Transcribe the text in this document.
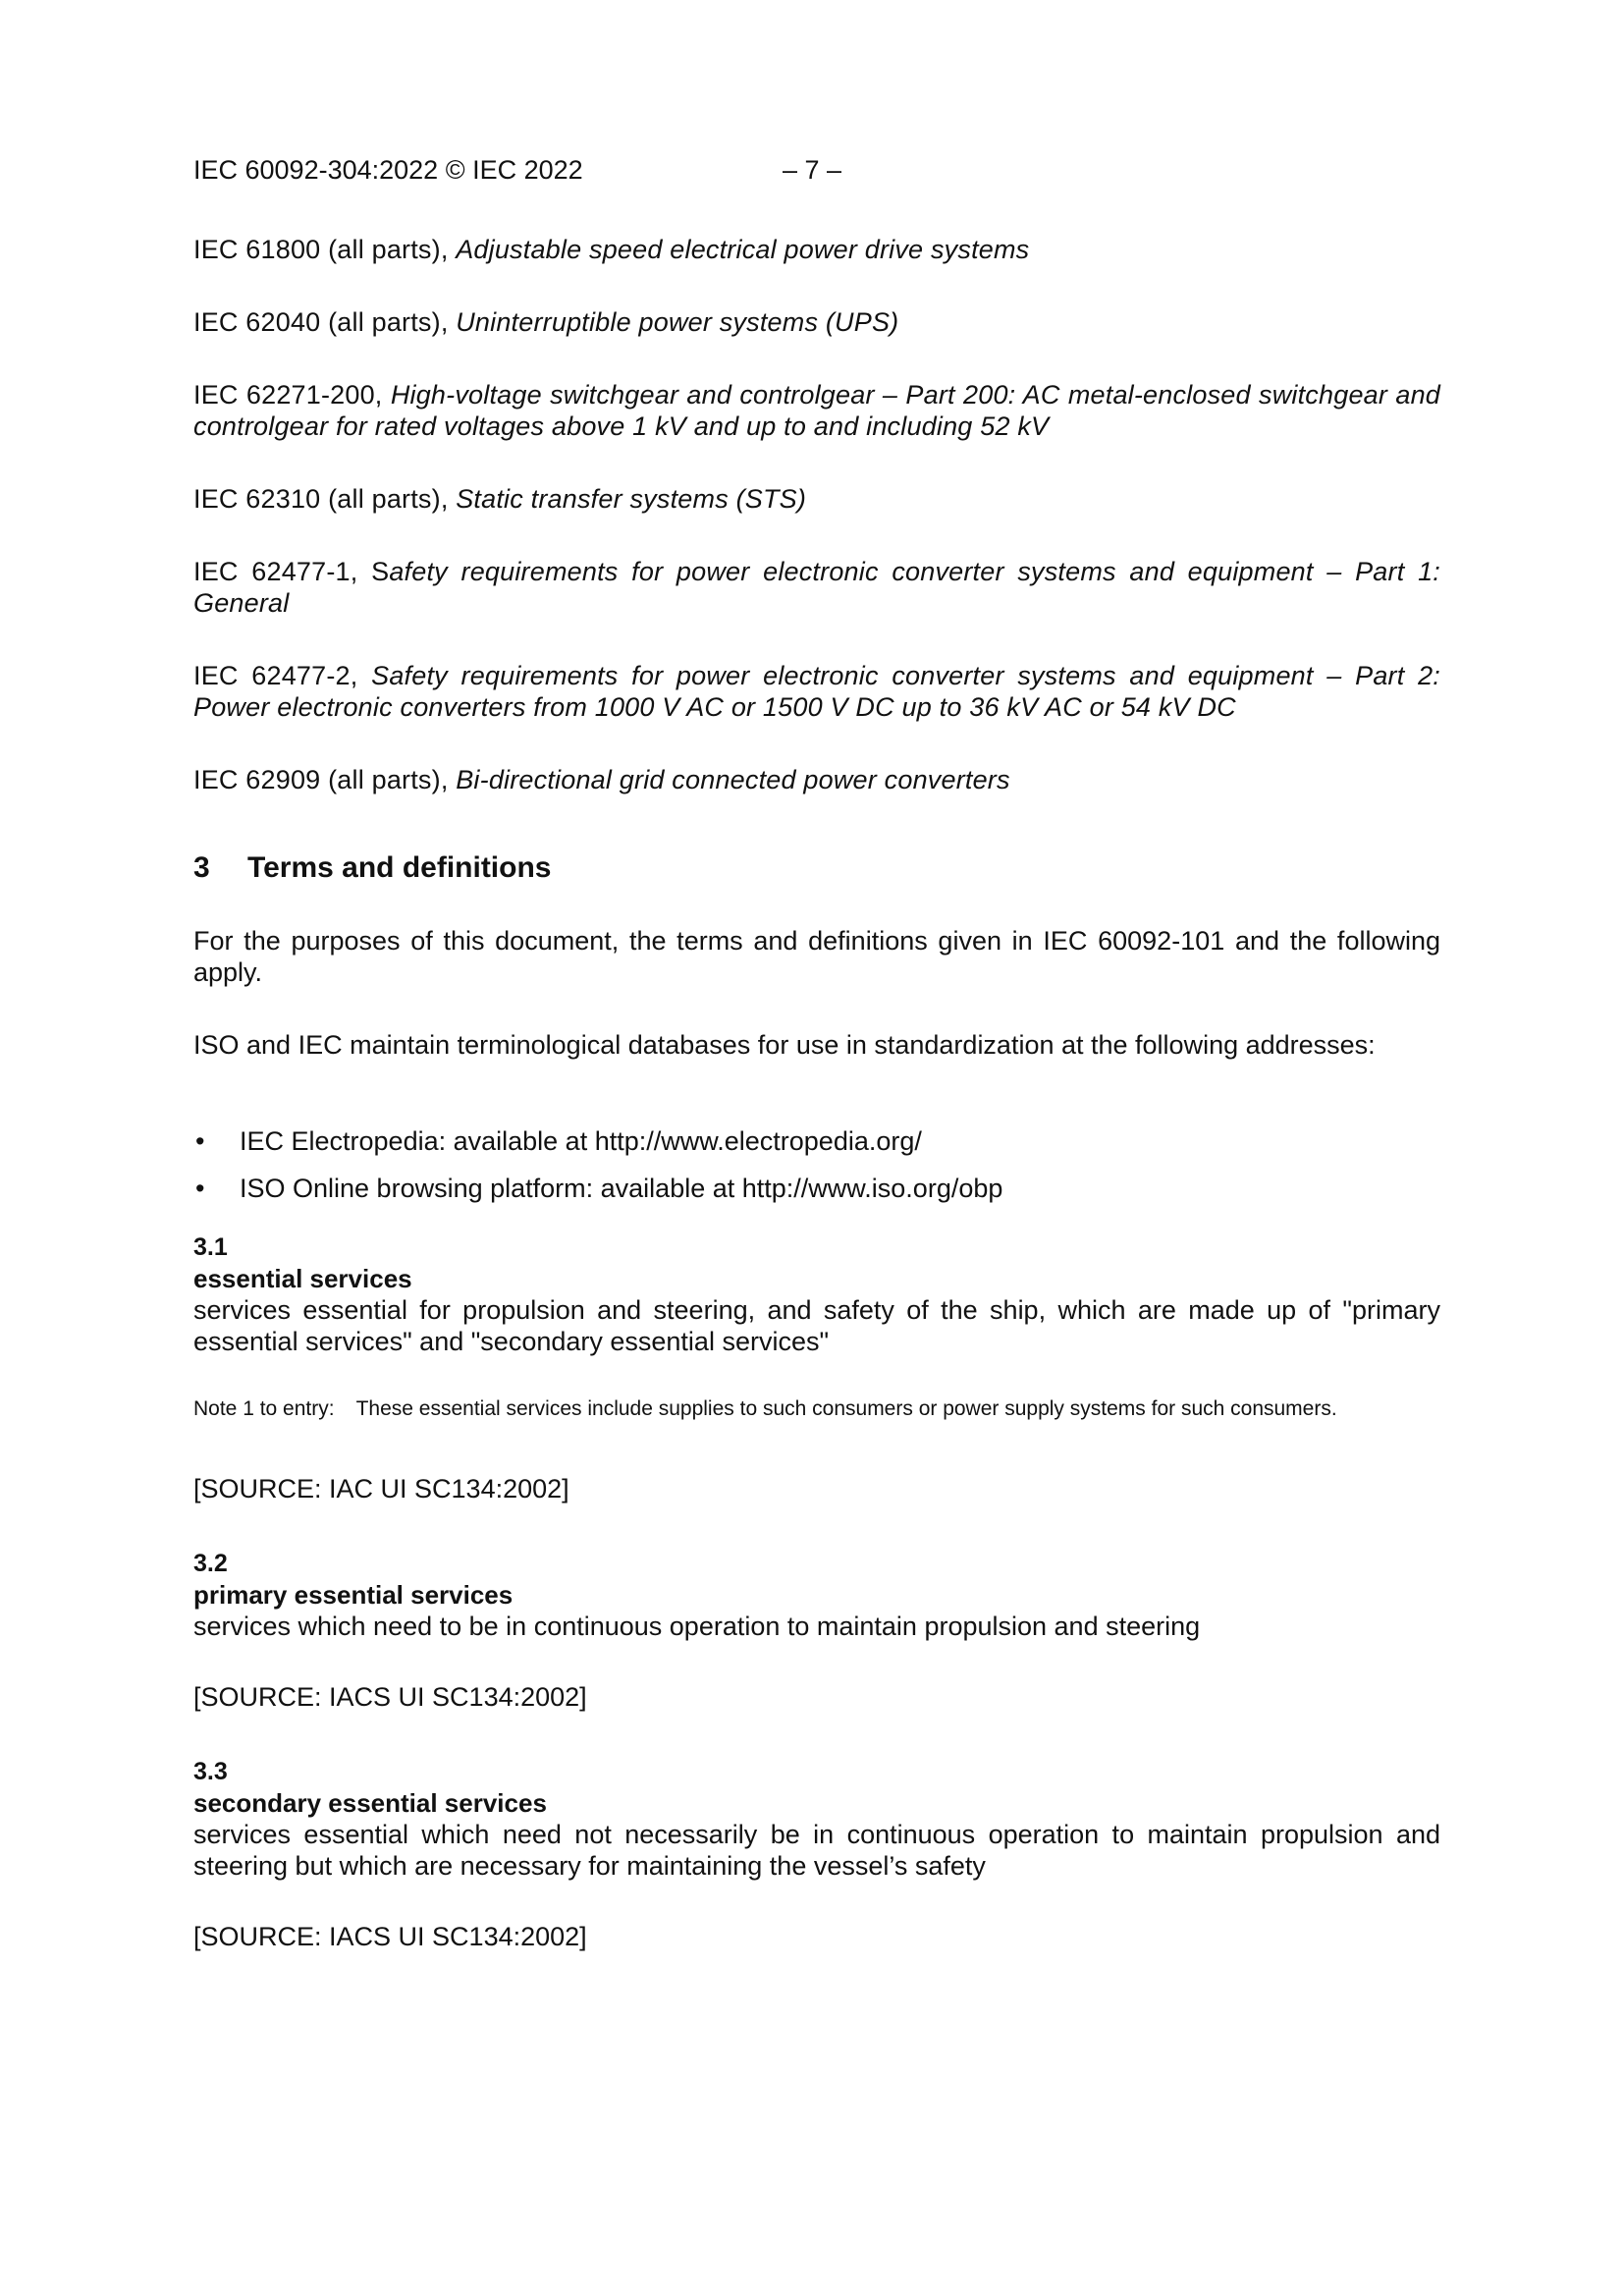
IEC 60092-304:2022 © IEC 2022	– 7 –
IEC 61800 (all parts), Adjustable speed electrical power drive systems
IEC 62040 (all parts), Uninterruptible power systems (UPS)
IEC 62271-200, High-voltage switchgear and controlgear – Part 200: AC metal-enclosed switchgear and controlgear for rated voltages above 1 kV and up to and including 52 kV
IEC 62310 (all parts), Static transfer systems (STS)
IEC 62477-1, Safety requirements for power electronic converter systems and equipment – Part 1: General
IEC 62477-2, Safety requirements for power electronic converter systems and equipment – Part 2: Power electronic converters from 1000 V AC or 1500 V DC up to 36 kV AC or 54 kV DC
IEC 62909 (all parts), Bi-directional grid connected power converters
3 Terms and definitions
For the purposes of this document, the terms and definitions given in IEC 60092-101 and the following apply.
ISO and IEC maintain terminological databases for use in standardization at the following addresses:
• IEC Electropedia: available at http://www.electropedia.org/
• ISO Online browsing platform: available at http://www.iso.org/obp
3.1
essential services
services essential for propulsion and steering, and safety of the ship, which are made up of "primary essential services" and "secondary essential services"
Note 1 to entry: These essential services include supplies to such consumers or power supply systems for such consumers.
[SOURCE: IAC UI SC134:2002]
3.2
primary essential services
services which need to be in continuous operation to maintain propulsion and steering
[SOURCE: IACS UI SC134:2002]
3.3
secondary essential services
services essential which need not necessarily be in continuous operation to maintain propulsion and steering but which are necessary for maintaining the vessel’s safety
[SOURCE: IACS UI SC134:2002]
